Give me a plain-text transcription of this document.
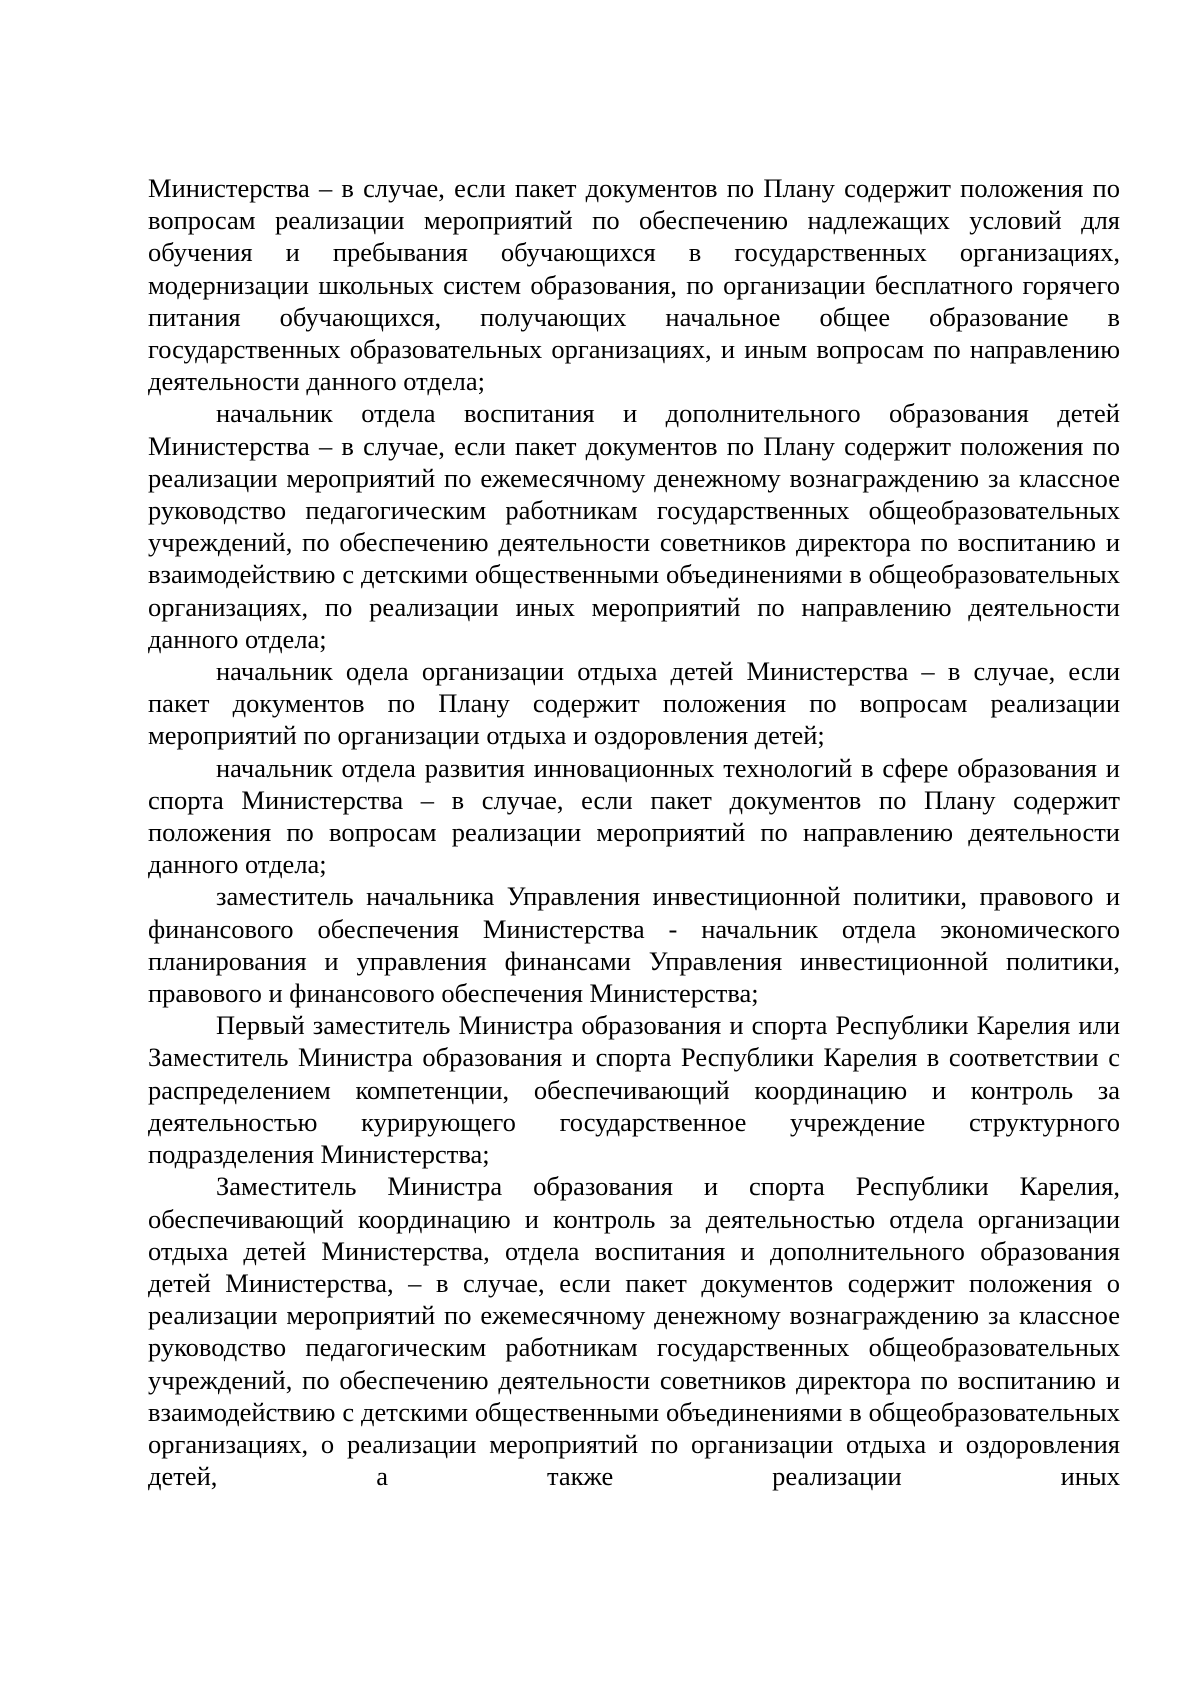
Министерства – в случае, если пакет документов по Плану содержит положения по вопросам реализации мероприятий по обеспечению надлежащих условий для обучения и пребывания обучающихся в государственных организациях, модернизации школьных систем образования, по организации бесплатного горячего питания обучающихся, получающих начальное общее образование в государственных образовательных организациях, и иным вопросам по направлению деятельности данного отдела;

начальник отдела воспитания и дополнительного образования детей Министерства – в случае, если пакет документов по Плану содержит положения по реализации мероприятий по ежемесячному денежному вознаграждению за классное руководство педагогическим работникам государственных общеобразовательных учреждений, по обеспечению деятельности советников директора по воспитанию и взаимодействию с детскими общественными объединениями в общеобразовательных организациях, по реализации иных мероприятий по направлению деятельности данного отдела;

начальник одела организации отдыха детей Министерства – в случае, если пакет документов по Плану содержит положения по вопросам реализации мероприятий по организации отдыха и оздоровления детей;

начальник отдела развития инновационных технологий в сфере образования и спорта Министерства – в случае, если пакет документов по Плану содержит положения по вопросам реализации мероприятий по направлению деятельности данного отдела;

заместитель начальника Управления инвестиционной политики, правового и финансового обеспечения Министерства - начальник отдела экономического планирования и управления финансами Управления инвестиционной политики, правового и финансового обеспечения Министерства;

Первый заместитель Министра образования и спорта Республики Карелия или Заместитель Министра образования и спорта Республики Карелия в соответствии с распределением компетенции, обеспечивающий координацию и контроль за деятельностью курирующего государственное учреждение структурного подразделения Министерства;

Заместитель Министра образования и спорта Республики Карелия, обеспечивающий координацию и контроль за деятельностью отдела организации отдыха детей Министерства, отдела воспитания и дополнительного образования детей Министерства, – в случае, если пакет документов содержит положения о реализации мероприятий по ежемесячному денежному вознаграждению за классное руководство педагогическим работникам государственных общеобразовательных учреждений, по обеспечению деятельности советников директора по воспитанию и взаимодействию с детскими общественными объединениями в общеобразовательных организациях, о реализации мероприятий по организации отдыха и оздоровления детей, а также реализации иных
